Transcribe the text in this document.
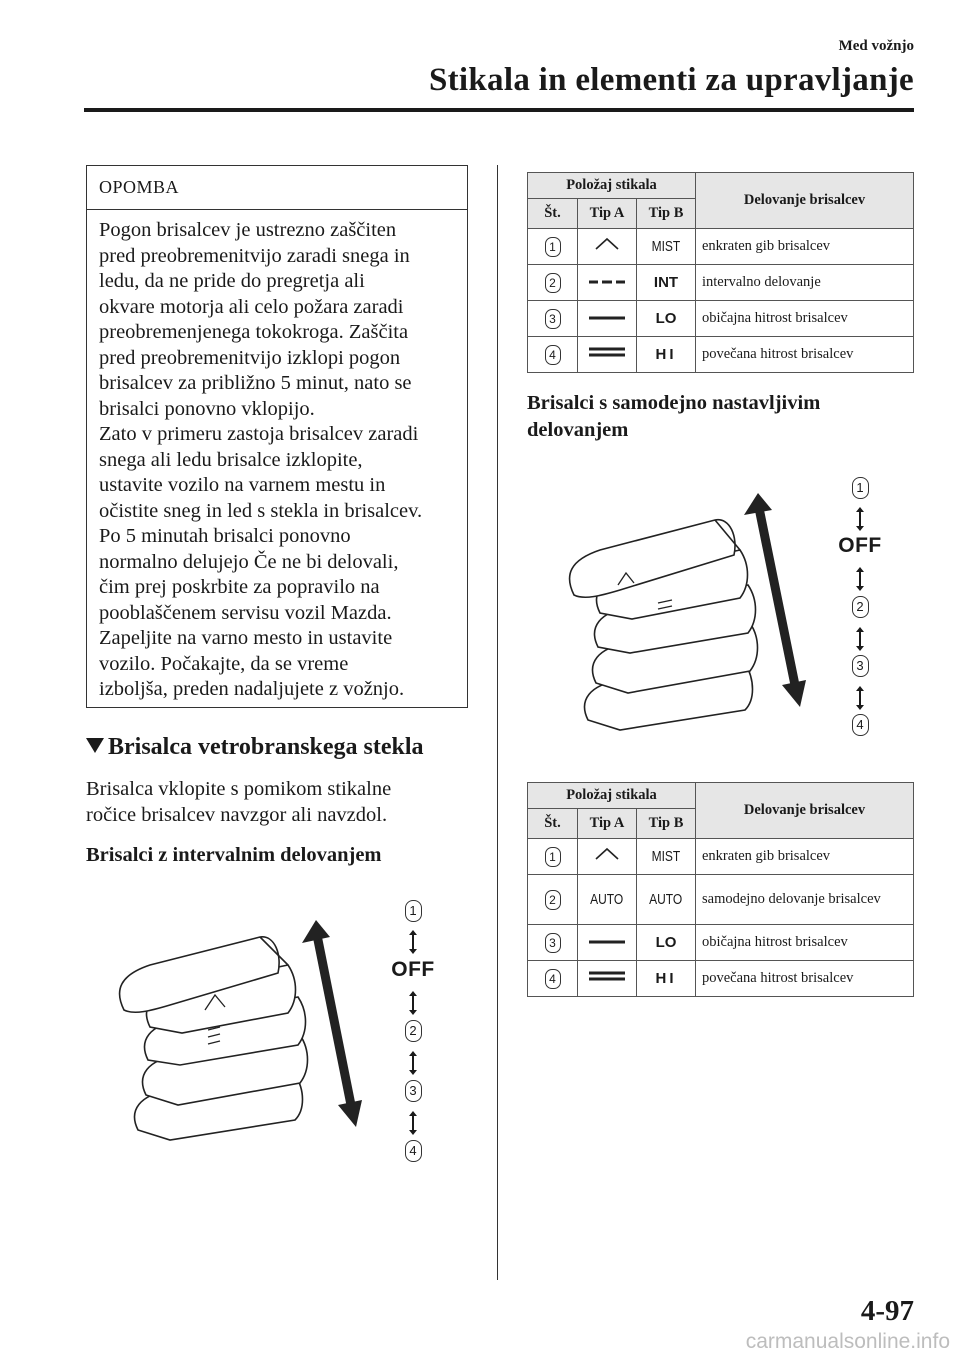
Med vožnjo
Stikala in elementi za upravljanje
OPOMBA
Pogon brisalcev je ustrezno zaščiten
pred preobremenitvijo zaradi snega in
ledu, da ne pride do pregretja ali
okvare motorja ali celo požara zaradi
preobremenjenega tokokroga. Zaščita
pred preobremenitvijo izklopi pogon
brisalcev za približno 5 minut, nato se
brisalci ponovno vklopijo.
Zato v primeru zastoja brisalcev zaradi
snega ali ledu brisalce izklopite,
ustavite vozilo na varnem mestu in
očistite sneg in led s stekla in brisalcev.
Po 5 minutah brisalci ponovno
normalno delujejo Če ne bi delovali,
čim prej poskrbite za popravilo na
pooblaščenem servisu vozil Mazda.
Zapeljite na varno mesto in ustavite
vozilo. Počakajte, da se vreme
izboljša, preden nadaljujete z vožnjo.
Brisalca vetrobranskega stekla
Brisalca vklopite s pomikom stikalne
ročice brisalcev navzgor ali navzdol.
Brisalci z intervalnim delovanjem
1
OFF
2
3
4
Položaj stikala			Delovanje brisalcev
Št.	Tip A	Tip B	
1		MIST	enkraten gib brisalcev
2		INT	intervalno delovanje
3		LO	običajna hitrost brisalcev
4		HI	povečana hitrost brisalcev
Brisalci s samodejno nastavljivim
delovanjem
1
OFF
2
3
4
Položaj stikala			Delovanje brisalcev
Št.	Tip A	Tip B	
1		MIST	enkraten gib brisalcev
2	AUTO	AUTO	samodejno delovanje brisalcev
3		LO	običajna hitrost brisalcev
4		HI	povečana hitrost brisalcev
4-97
carmanualsonline.info
